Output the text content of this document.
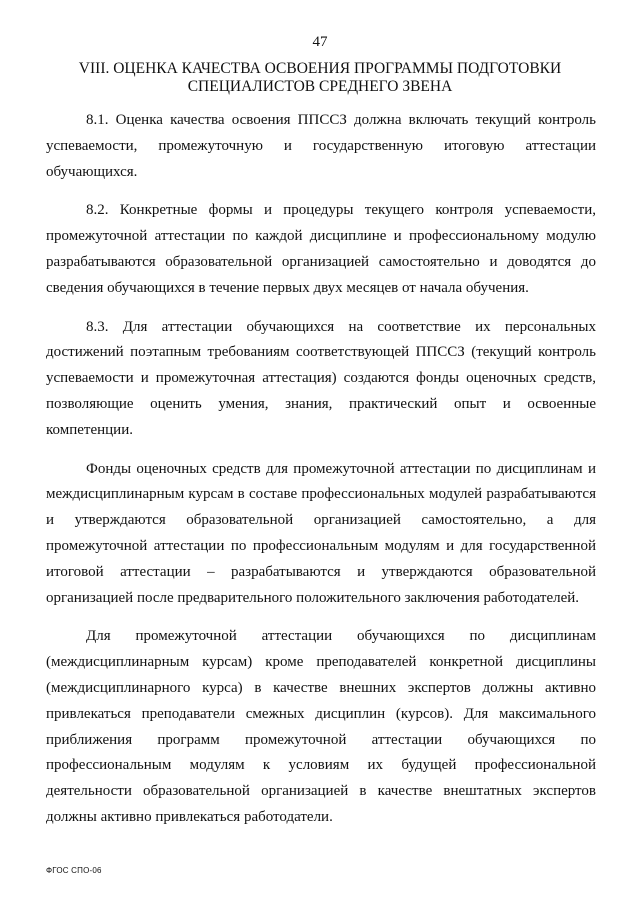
47
VIII. ОЦЕНКА КАЧЕСТВА ОСВОЕНИЯ ПРОГРАММЫ ПОДГОТОВКИ
СПЕЦИАЛИСТОВ СРЕДНЕГО ЗВЕНА

8.1. Оценка качества освоения ППССЗ должна включать текущий контроль успеваемости, промежуточную и государственную итоговую аттестации обучающихся.

8.2. Конкретные формы и процедуры текущего контроля успеваемости, промежуточной аттестации по каждой дисциплине и профессиональному модулю разрабатываются образовательной организацией самостоятельно и доводятся до сведения обучающихся в течение первых двух месяцев от начала обучения.

8.3. Для аттестации обучающихся на соответствие их персональных достижений поэтапным требованиям соответствующей ППССЗ (текущий контроль успеваемости и промежуточная аттестация) создаются фонды оценочных средств, позволяющие оценить умения, знания, практический опыт и освоенные компетенции.

Фонды оценочных средств для промежуточной аттестации по дисциплинам и междисциплинарным курсам в составе профессиональных модулей разрабатываются и утверждаются образовательной организацией самостоятельно, а для промежуточной аттестации по профессиональным модулям и для государственной итоговой аттестации – разрабатываются и утверждаются образовательной организацией после предварительного положительного заключения работодателей.

Для промежуточной аттестации обучающихся по дисциплинам (междисциплинарным курсам) кроме преподавателей конкретной дисциплины (междисциплинарного курса) в качестве внешних экспертов должны активно привлекаться преподаватели смежных дисциплин (курсов). Для максимального приближения программ промежуточной аттестации обучающихся по профессиональным модулям к условиям их будущей профессиональной деятельности образовательной организацией в качестве внештатных экспертов должны активно привлекаться работодатели.

ФГОС СПО-06
